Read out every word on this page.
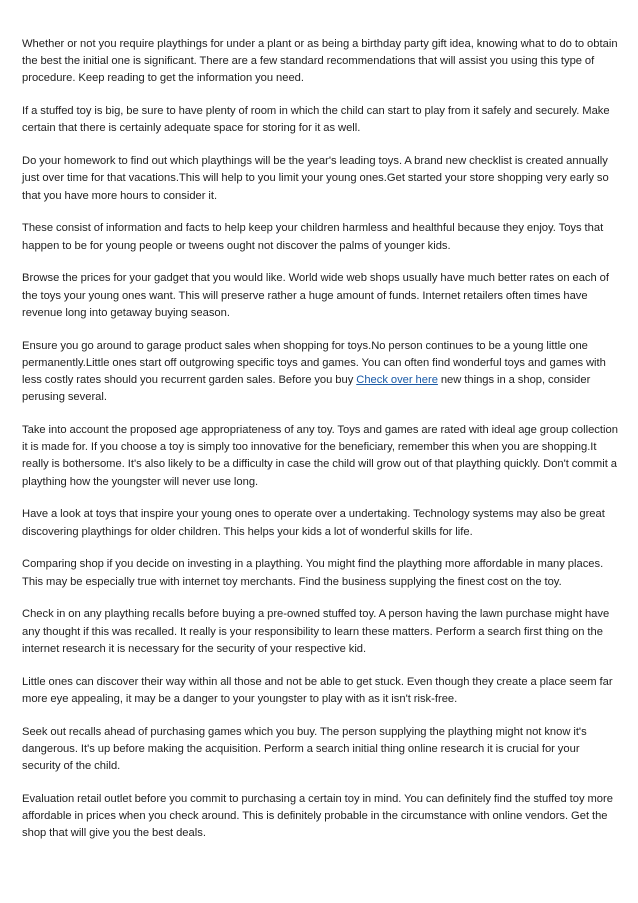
Whether or not you require playthings for under a plant or as being a birthday party gift idea, knowing what to do to obtain the best the initial one is significant. There are a few standard recommendations that will assist you using this type of procedure. Keep reading to get the information you need.

If a stuffed toy is big, be sure to have plenty of room in which the child can start to play from it safely and securely. Make certain that there is certainly adequate space for storing for it as well.

Do your homework to find out which playthings will be the year's leading toys. A brand new checklist is created annually just over time for that vacations.This will help to you limit your young ones.Get started your store shopping very early so that you have more hours to consider it.

These consist of information and facts to help keep your children harmless and healthful because they enjoy. Toys that happen to be for young people or tweens ought not discover the palms of younger kids.

Browse the prices for your gadget that you would like. World wide web shops usually have much better rates on each of the toys your young ones want. This will preserve rather a huge amount of funds. Internet retailers often times have revenue long into getaway buying season.

Ensure you go around to garage product sales when shopping for toys.No person continues to be a young little one permanently.Little ones start off outgrowing specific toys and games. You can often find wonderful toys and games with less costly rates should you recurrent garden sales. Before you buy Check over here new things in a shop, consider perusing several.

Take into account the proposed age appropriateness of any toy. Toys and games are rated with ideal age group collection it is made for. If you choose a toy is simply too innovative for the beneficiary, remember this when you are shopping.It really is bothersome. It's also likely to be a difficulty in case the child will grow out of that plaything quickly. Don't commit a plaything how the youngster will never use long.

Have a look at toys that inspire your young ones to operate over a undertaking. Technology systems may also be great discovering playthings for older children. This helps your kids a lot of wonderful skills for life.

Comparing shop if you decide on investing in a plaything. You might find the plaything more affordable in many places. This may be especially true with internet toy merchants. Find the business supplying the finest cost on the toy.

Check in on any plaything recalls before buying a pre-owned stuffed toy. A person having the lawn purchase might have any thought if this was recalled. It really is your responsibility to learn these matters. Perform a search first thing on the internet research it is necessary for the security of your respective kid.

Little ones can discover their way within all those and not be able to get stuck. Even though they create a place seem far more eye appealing, it may be a danger to your youngster to play with as it isn't risk-free.

Seek out recalls ahead of purchasing games which you buy. The person supplying the plaything might not know it's dangerous. It's up before making the acquisition. Perform a search initial thing online research it is crucial for your security of the child.

Evaluation retail outlet before you commit to purchasing a certain toy in mind. You can definitely find the stuffed toy more affordable in prices when you check around. This is definitely probable in the circumstance with online vendors. Get the shop that will give you the best deals.
